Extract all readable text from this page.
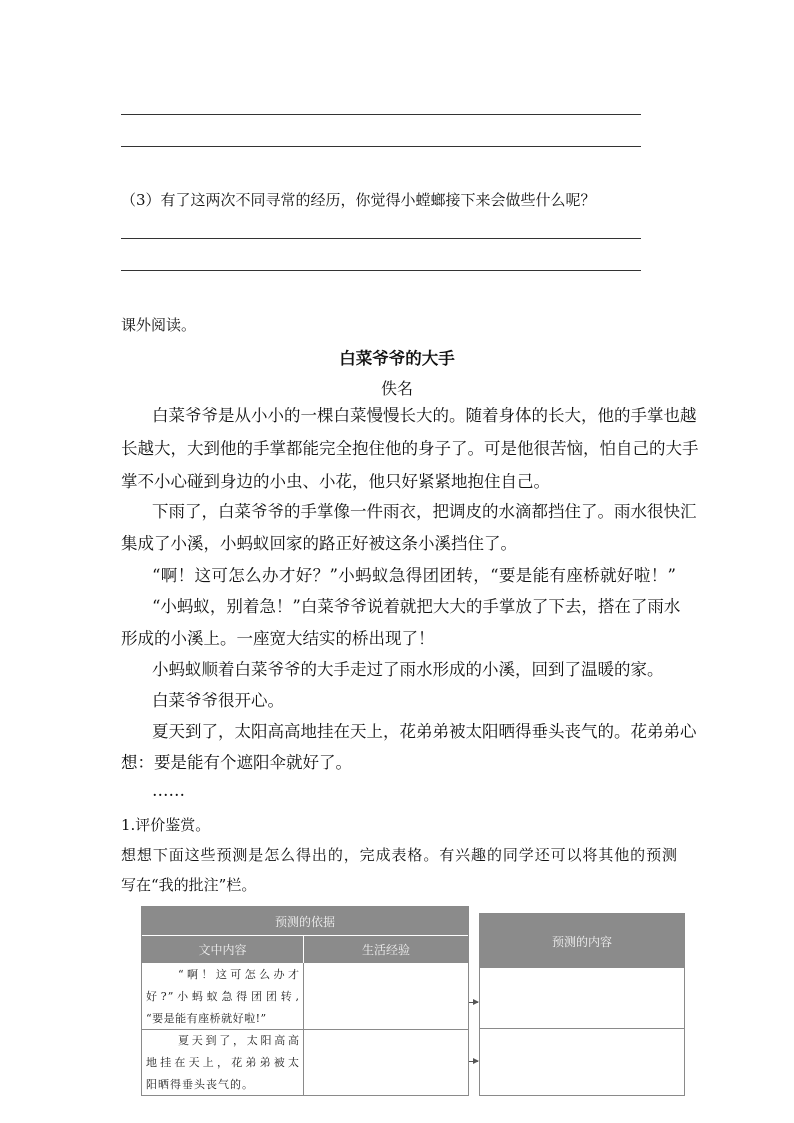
（3）有了这两次不同寻常的经历，你觉得小螳螂接下来会做些什么呢？
课外阅读。
白菜爷爷的大手
佚名
白菜爷爷是从小小的一棵白菜慢慢长大的。随着身体的长大，他的手掌也越
长越大，大到他的手掌都能完全抱住他的身子了。可是他很苦恼，怕自己的大手
掌不小心碰到身边的小虫、小花，他只好紧紧地抱住自己。
下雨了，白菜爷爷的手掌像一件雨衣，把调皮的水滴都挡住了。雨水很快汇
集成了小溪，小蚂蚁回家的路正好被这条小溪挡住了。
“啊！这可怎么办才好？”小蚂蚁急得团团转，“要是能有座桥就好啦！”
“小蚂蚁，别着急！”白菜爷爷说着就把大大的手掌放了下去，搭在了雨水
形成的小溪上。一座宽大结实的桥出现了！
小蚂蚁顺着白菜爷爷的大手走过了雨水形成的小溪，回到了温暖的家。
白菜爷爷很开心。
夏天到了，太阳高高地挂在天上，花弟弟被太阳晒得垂头丧气的。花弟弟心
想：要是能有个遮阳伞就好了。
……
1.评价鉴赏。
想想下面这些预测是怎么得出的，完成表格。有兴趣的同学还可以将其他的预测
写在“我的批注”栏。
预测的依据
文中内容	生活经验
“啊！这可怎么办才
好?”小蚂蚁急得团团转,
“要是能有座桥就好啦!”
夏天到了，太阳高高
地挂在天上，花弟弟被太
阳晒得垂头丧气的。
预测的内容
